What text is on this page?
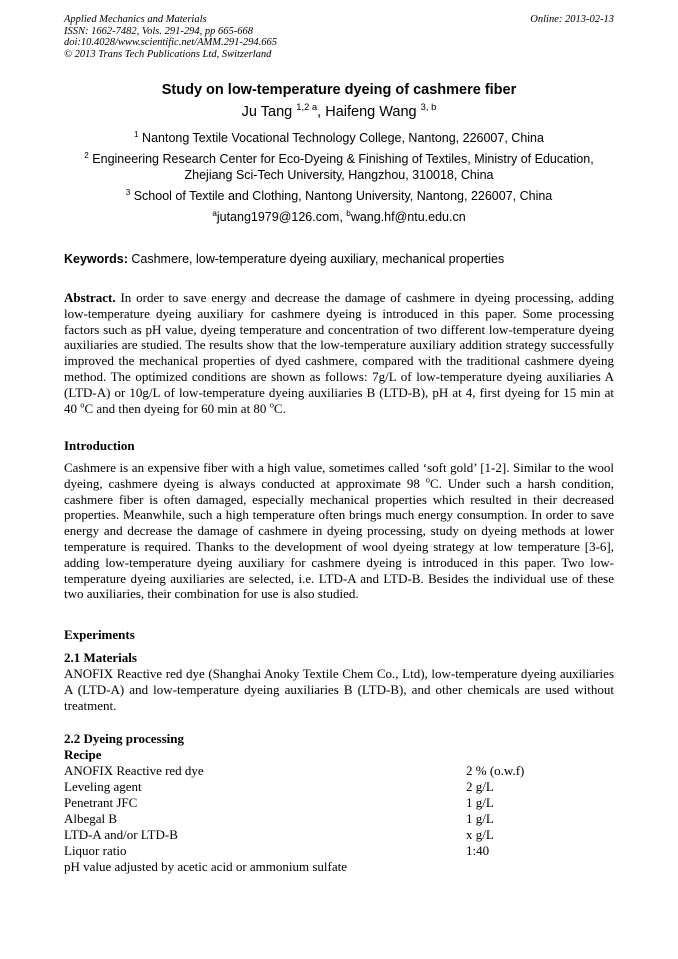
Applied Mechanics and Materials
ISSN: 1662-7482, Vols. 291-294, pp 665-668
doi:10.4028/www.scientific.net/AMM.291-294.665
© 2013 Trans Tech Publications Ltd, Switzerland
Online: 2013-02-13
Study on low-temperature dyeing of cashmere fiber
Ju Tang $^{1,2 a}$, Haifeng Wang $^{3, b}$
$^1$ Nantong Textile Vocational Technology College, Nantong, 226007, China
$^2$ Engineering Research Center for Eco-Dyeing & Finishing of Textiles, Ministry of Education,
Zhejiang Sci-Tech University, Hangzhou, 310018, China
$^3$ School of Textile and Clothing, Nantong University, Nantong, 226007, China
$^a$jutang1979@126.com, $^b$wang.hf@ntu.edu.cn
Keywords: Cashmere, low-temperature dyeing auxiliary, mechanical properties
Abstract. In order to save energy and decrease the damage of cashmere in dyeing processing, adding low-temperature dyeing auxiliary for cashmere dyeing is introduced in this paper. Some processing factors such as pH value, dyeing temperature and concentration of two different low-temperature dyeing auxiliaries are studied. The results show that the low-temperature auxiliary addition strategy successfully improved the mechanical properties of dyed cashmere, compared with the traditional cashmere dyeing method. The optimized conditions are shown as follows: 7g/L of low-temperature dyeing auxiliaries A (LTD-A) or 10g/L of low-temperature dyeing auxiliaries B (LTD-B), pH at 4, first dyeing for 15 min at 40 $^o$C and then dyeing for 60 min at 80 $^o$C.
Introduction
Cashmere is an expensive fiber with a high value, sometimes called ‘soft gold’ [1-2]. Similar to the wool dyeing, cashmere dyeing is always conducted at approximate 98 $^o$C. Under such a harsh condition, cashmere fiber is often damaged, especially mechanical properties which resulted in their decreased properties. Meanwhile, such a high temperature often brings much energy consumption. In order to save energy and decrease the damage of cashmere in dyeing processing, study on dyeing methods at lower temperature is required. Thanks to the development of wool dyeing strategy at low temperature [3-6], adding low-temperature dyeing auxiliary for cashmere dyeing is introduced in this paper. Two low-temperature dyeing auxiliaries are selected, i.e. LTD-A and LTD-B. Besides the individual use of these two auxiliaries, their combination for use is also studied.
Experiments
2.1 Materials
ANOFIX Reactive red dye (Shanghai Anoky Textile Chem Co., Ltd), low-temperature dyeing auxiliaries A (LTD-A) and low-temperature dyeing auxiliaries B (LTD-B), and other chemicals are used without treatment.
2.2 Dyeing processing
Recipe
ANOFIX Reactive red dye	2 % (o.w.f)
Leveling agent	2 g/L
Penetrant JFC	1 g/L
Albegal B	1 g/L
LTD-A and/or LTD-B	x g/L
Liquor ratio	1:40
pH value adjusted by acetic acid or ammonium sulfate
